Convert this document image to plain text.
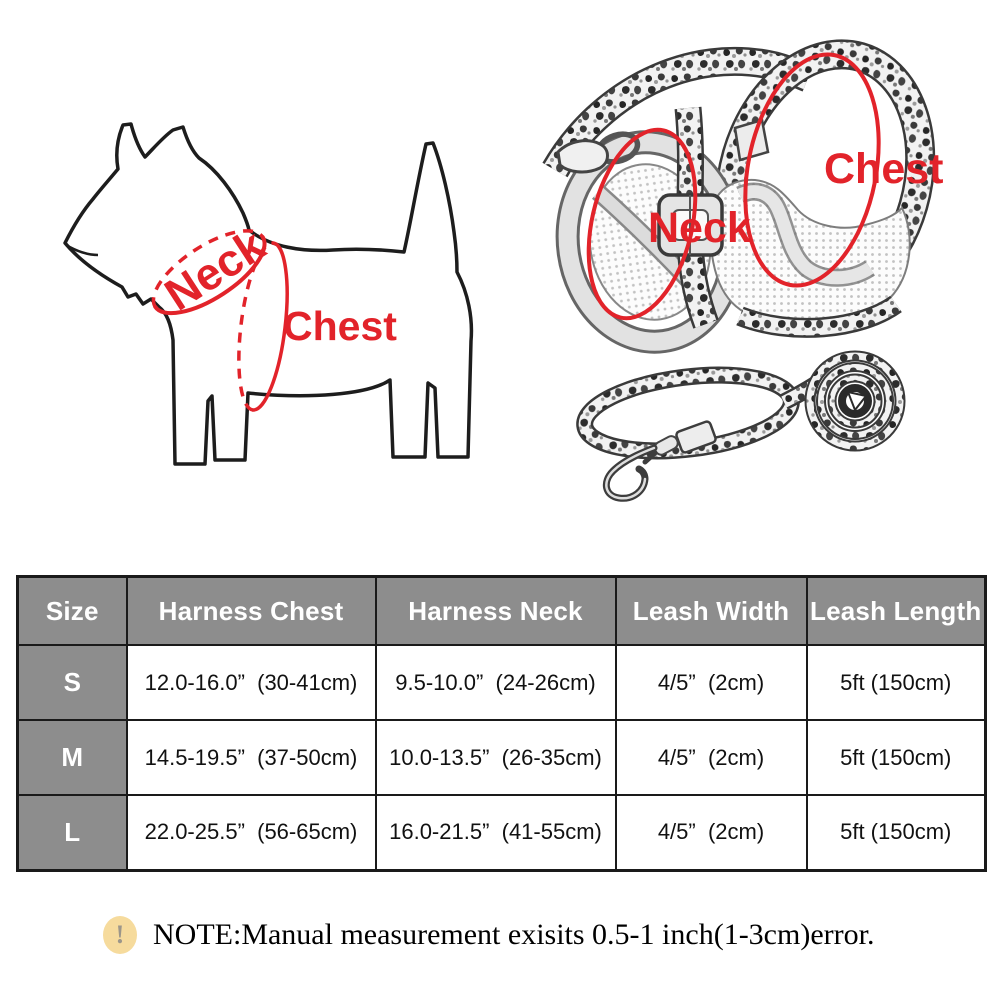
Neck
Chest
Neck
Chest
Size	Harness Chest	Harness Neck	Leash Width	Leash Length
S	12.0-16.0”  (30-41cm)	9.5-10.0”  (24-26cm)	4/5”  (2cm)	5ft (150cm)
M	14.5-19.5”  (37-50cm)	10.0-13.5”  (26-35cm)	4/5”  (2cm)	5ft (150cm)
L	22.0-25.5”  (56-65cm)	16.0-21.5”  (41-55cm)	4/5”  (2cm)	5ft (150cm)
! NOTE:Manual measurement exisits 0.5-1 inch(1-3cm)error.
